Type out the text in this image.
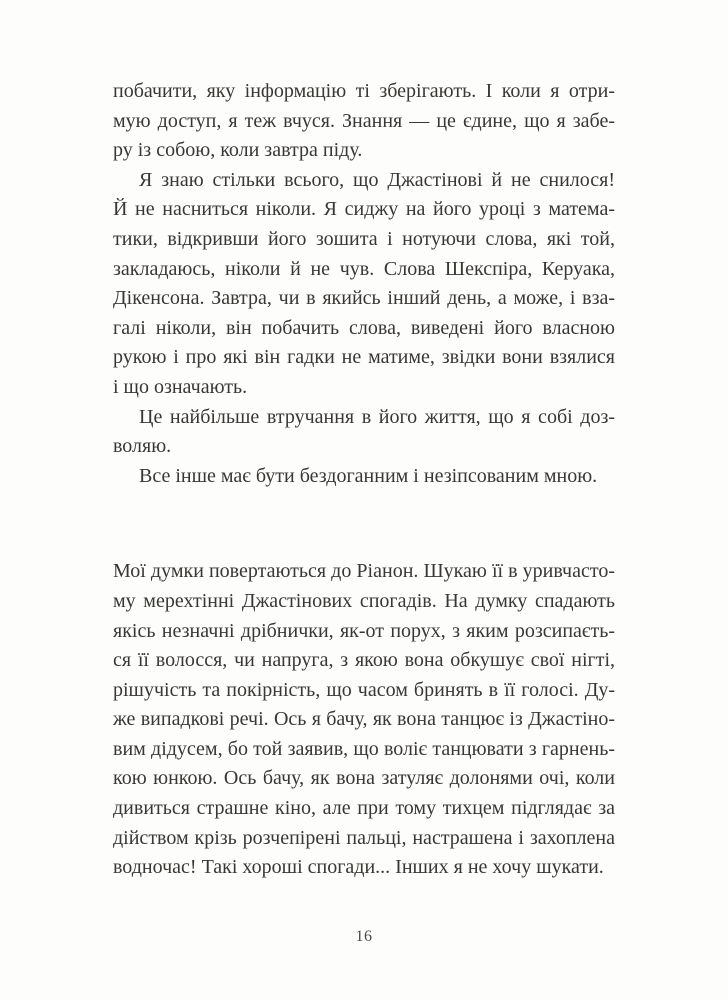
побачити, яку інформацію ті зберігають. І коли я отри-
мую доступ, я теж вчуся. Знання — це єдине, що я забе-
ру із собою, коли завтра піду.

Я знаю стільки всього, що Джастінові й не снилося!
Й не насниться ніколи. Я сиджу на його уроці з матема-
тики, відкривши його зошита і нотуючи слова, які той,
закладаюсь, ніколи й не чув. Слова Шекспіра, Керуака,
Дікенсона. Завтра, чи в якийсь інший день, а може, і вза-
галі ніколи, він побачить слова, виведені його власною
рукою і про які він гадки не матиме, звідки вони взялися
і що означають.

Це найбільше втручання в його життя, що я собі доз-
воляю.

Все інше має бути бездоганним і незіпсованим мною.

Мої думки повертаються до Ріанон. Шукаю її в уривчасто-
му мерехтінні Джастінових спогадів. На думку спадають
якісь незначні дрібнички, як-от порух, з яким розсипаєть-
ся її волосся, чи напруга, з якою вона обкушує свої нігті,
рішучість та покірність, що часом бринять в її голосі. Ду-
же випадкові речі. Ось я бачу, як вона танцює із Джастіно-
вим дідусем, бо той заявив, що воліє танцювати з гарнень-
кою юнкою. Ось бачу, як вона затуляє долонями очі, коли
дивиться страшне кіно, але при тому тихцем підглядає за
дійством крізь розчепірені пальці, настрашена і захоплена
водночас! Такі хороші спогади... Інших я не хочу шукати.

16
